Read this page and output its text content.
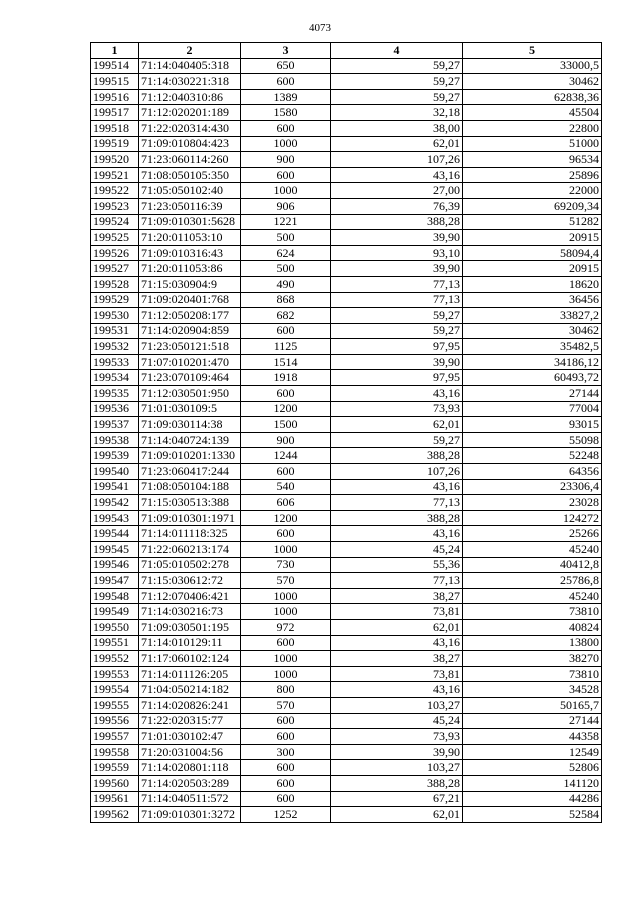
4073
1	2	3	4	5
199514	71:14:040405:318	650	59,27	33000,5
199515	71:14:030221:318	600	59,27	30462
199516	71:12:040310:86	1389	59,27	62838,36
199517	71:12:020201:189	1580	32,18	45504
199518	71:22:020314:430	600	38,00	22800
199519	71:09:010804:423	1000	62,01	51000
199520	71:23:060114:260	900	107,26	96534
199521	71:08:050105:350	600	43,16	25896
199522	71:05:050102:40	1000	27,00	22000
199523	71:23:050116:39	906	76,39	69209,34
199524	71:09:010301:5628	1221	388,28	51282
199525	71:20:011053:10	500	39,90	20915
199526	71:09:010316:43	624	93,10	58094,4
199527	71:20:011053:86	500	39,90	20915
199528	71:15:030904:9	490	77,13	18620
199529	71:09:020401:768	868	77,13	36456
199530	71:12:050208:177	682	59,27	33827,2
199531	71:14:020904:859	600	59,27	30462
199532	71:23:050121:518	1125	97,95	35482,5
199533	71:07:010201:470	1514	39,90	34186,12
199534	71:23:070109:464	1918	97,95	60493,72
199535	71:12:030501:950	600	43,16	27144
199536	71:01:030109:5	1200	73,93	77004
199537	71:09:030114:38	1500	62,01	93015
199538	71:14:040724:139	900	59,27	55098
199539	71:09:010201:1330	1244	388,28	52248
199540	71:23:060417:244	600	107,26	64356
199541	71:08:050104:188	540	43,16	23306,4
199542	71:15:030513:388	606	77,13	23028
199543	71:09:010301:1971	1200	388,28	124272
199544	71:14:011118:325	600	43,16	25266
199545	71:22:060213:174	1000	45,24	45240
199546	71:05:010502:278	730	55,36	40412,8
199547	71:15:030612:72	570	77,13	25786,8
199548	71:12:070406:421	1000	38,27	45240
199549	71:14:030216:73	1000	73,81	73810
199550	71:09:030501:195	972	62,01	40824
199551	71:14:010129:11	600	43,16	13800
199552	71:17:060102:124	1000	38,27	38270
199553	71:14:011126:205	1000	73,81	73810
199554	71:04:050214:182	800	43,16	34528
199555	71:14:020826:241	570	103,27	50165,7
199556	71:22:020315:77	600	45,24	27144
199557	71:01:030102:47	600	73,93	44358
199558	71:20:031004:56	300	39,90	12549
199559	71:14:020801:118	600	103,27	52806
199560	71:14:020503:289	600	388,28	141120
199561	71:14:040511:572	600	67,21	44286
199562	71:09:010301:3272	1252	62,01	52584
